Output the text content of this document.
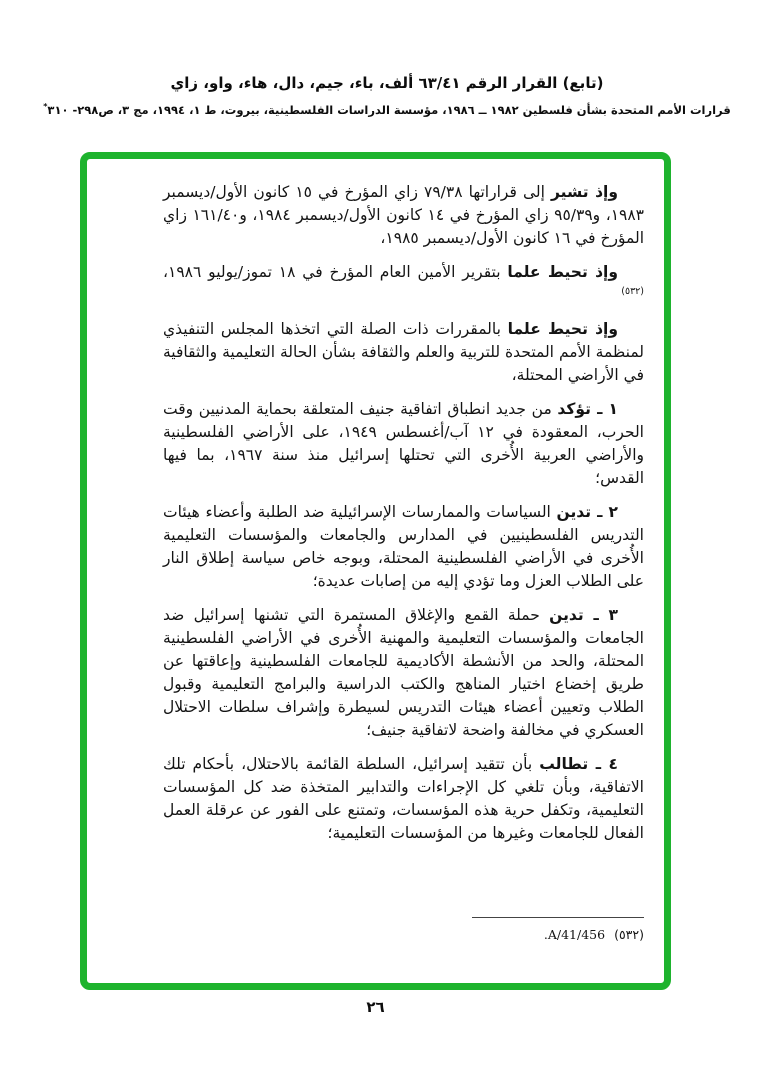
(تابع) القرار الرقم ٦٣/٤١ ألف، باء، جيم، دال، هاء، واو، زاي
قرارات الأمم المتحدة بشأن فلسطين ١٩٨٢ ــ ١٩٨٦، مؤسسة الدراسات الفلسطينية، بيروت، ط ١، ١٩٩٤، مج ٣، ص٢٩٨- ٣١٠*

وإذ تشير إلى قراراتها ٧٩/٣٨ زاي المؤرخ في ١٥ كانون الأول/ديسمبر ١٩٨٣، و٩٥/٣٩ زاي المؤرخ في ١٤ كانون الأول/ديسمبر ١٩٨٤، و١٦١/٤٠ زاي المؤرخ في ١٦ كانون الأول/ديسمبر ١٩٨٥،

وإذ تحيط علما بتقرير الأمين العام المؤرخ في ١٨ تموز/يوليو ١٩٨٦،$^{(٥٣٢)}$

وإذ تحيط علما بالمقررات ذات الصلة التي اتخذها المجلس التنفيذي لمنظمة الأمم المتحدة للتربية والعلم والثقافة بشأن الحالة التعليمية والثقافية في الأراضي المحتلة،

١ ـ تؤكد من جديد انطباق اتفاقية جنيف المتعلقة بحماية المدنيين وقت الحرب، المعقودة في ١٢ آب/أغسطس ١٩٤٩، على الأراضي الفلسطينية والأراضي العربية الأُخرى التي تحتلها إسرائيل منذ سنة ١٩٦٧، بما فيها القدس؛

٢ ـ تدين السياسات والممارسات الإسرائيلية ضد الطلبة وأعضاء هيئات التدريس الفلسطينيين في المدارس والجامعات والمؤسسات التعليمية الأُخرى في الأراضي الفلسطينية المحتلة، وبوجه خاص سياسة إطلاق النار على الطلاب العزل وما تؤدي إليه من إصابات عديدة؛

٣ ـ تدين حملة القمع والإغلاق المستمرة التي تشنها إسرائيل ضد الجامعات والمؤسسات التعليمية والمهنية الأُخرى في الأراضي الفلسطينية المحتلة، والحد من الأنشطة الأكاديمية للجامعات الفلسطينية وإعاقتها عن طريق إخضاع اختيار المناهج والكتب الدراسية والبرامج التعليمية وقبول الطلاب وتعيين أعضاء هيئات التدريس لسيطرة وإشراف سلطات الاحتلال العسكري في مخالفة واضحة لاتفاقية جنيف؛

٤ ـ تطالب بأن تتقيد إسرائيل، السلطة القائمة بالاحتلال، بأحكام تلك الاتفاقية، وبأن تلغي كل الإجراءات والتدابير المتخذة ضد كل المؤسسات التعليمية، وتكفل حرية هذه المؤسسات، وتمتنع على الفور عن عرقلة العمل الفعال للجامعات وغيرها من المؤسسات التعليمية؛

(٥٣٢)A/41/456.
٢٦
